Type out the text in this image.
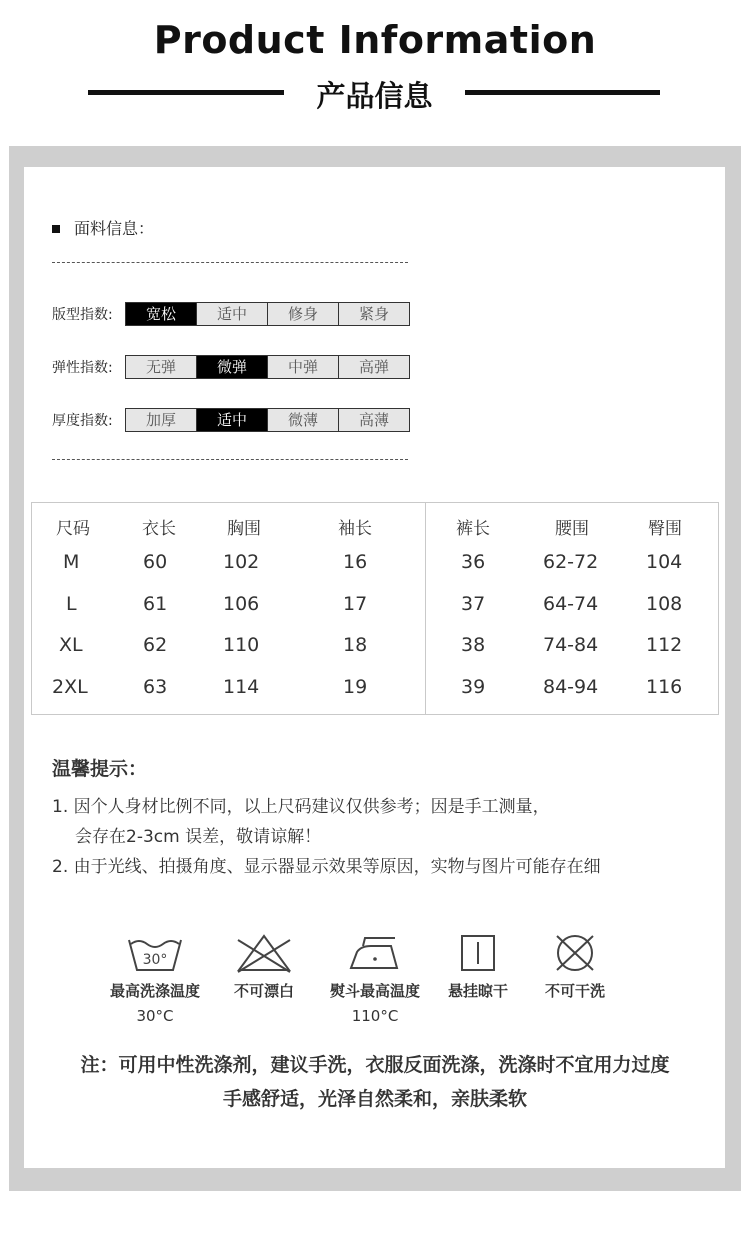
Product Information
产品信息
面料信息：
版型指数:	宽松	适中	修身	紧身
弹性指数:	无弹	微弹	中弹	高弹
厚度指数:	加厚	适中	微薄	高薄
尺码	衣长	胸围	袖长	裤长	腰围	臀围
M	60	102	16	36	62-72	104
L	61	106	17	37	64-74	108
XL	62	110	18	38	74-84	112
2XL	63	114	19	39	84-94	116
温馨提示：
1. 因个人身材比例不同，以上尺码建议仅供参考；因是手工测量，
会存在2-3cm 误差，敬请谅解！
2. 由于光线、拍摄角度、显示器显示效果等原因，实物与图片可能存在细
30°
最高洗涤温度
30°C
不可漂白	熨斗最高温度
110°C
悬挂晾干	不可干洗
注：可用中性洗涤剂，建议手洗，衣服反面洗涤，洗涤时不宜用力过度
手感舒适，光泽自然柔和，亲肤柔软
